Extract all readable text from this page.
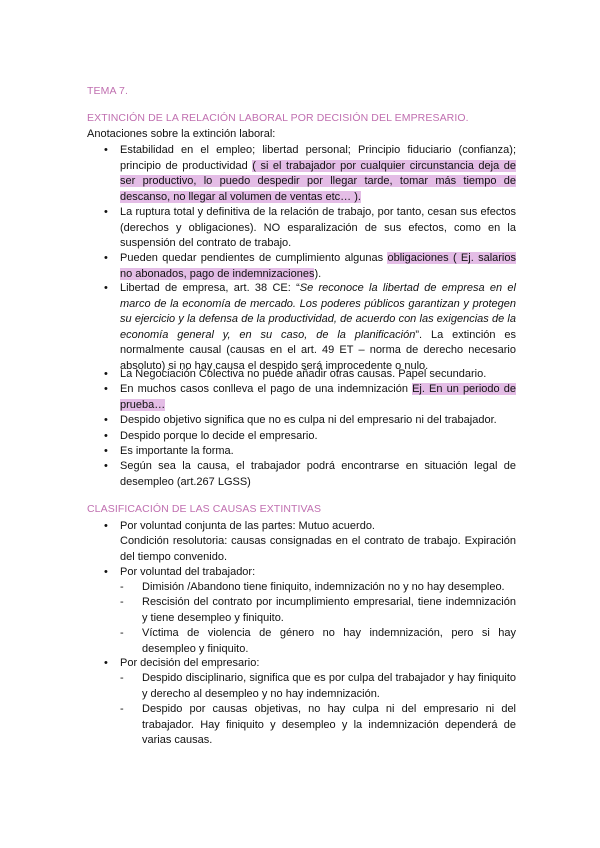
TEMA 7.
EXTINCIÓN DE LA RELACIÓN LABORAL POR DECISIÓN DEL EMPRESARIO.
Anotaciones sobre la extinción laboral:
• Estabilidad en el empleo; libertad personal; Principio fiduciario (confianza); principio de productividad ( si el trabajador por cualquier circunstancia deja de ser productivo, lo puedo despedir por llegar tarde, tomar más tiempo de descanso, no llegar al volumen de ventas etc… ).
• La ruptura total y definitiva de la relación de trabajo, por tanto, cesan sus efectos (derechos y obligaciones). NO esparalización de sus efectos, como en la suspensión del contrato de trabajo.
• Pueden quedar pendientes de cumplimiento algunas obligaciones ( Ej. salarios no abonados, pago de indemnizaciones).
• Libertad de empresa, art. 38 CE: “Se reconoce la libertad de empresa en el marco de la economía de mercado. Los poderes públicos garantizan y protegen su ejercicio y la defensa de la productividad, de acuerdo con las exigencias de la economía general y, en su caso, de la planificación”. La extinción es normalmente causal (causas en el art. 49 ET – norma de derecho necesario absoluto) si no hay causa el despido será improcedente o nulo.
• La Negociación Colectiva no puede añadir otras causas. Papel secundario.
• En muchos casos conlleva el pago de una indemnización Ej. En un periodo de prueba…
• Despido objetivo significa que no es culpa ni del empresario ni del trabajador.
• Despido porque lo decide el empresario.
• Es importante la forma.
• Según sea la causa, el trabajador podrá encontrarse en situación legal de desempleo (art.267 LGSS)
CLASIFICACIÓN DE LAS CAUSAS EXTINTIVAS
• Por voluntad conjunta de las partes: Mutuo acuerdo.
Condición resolutoria: causas consignadas en el contrato de trabajo. Expiración del tiempo convenido.
• Por voluntad del trabajador:
- Dimisión /Abandono tiene finiquito, indemnización no y no hay desempleo.
- Rescisión del contrato por incumplimiento empresarial, tiene indemnización y tiene desempleo y finiquito.
- Víctima de violencia de género no hay indemnización, pero si hay desempleo y finiquito.
• Por decisión del empresario:
- Despido disciplinario, significa que es por culpa del trabajador y hay finiquito y derecho al desempleo y no hay indemnización.
- Despido por causas objetivas, no hay culpa ni del empresario ni del trabajador. Hay finiquito y desempleo y la indemnización dependerá de varias causas.
